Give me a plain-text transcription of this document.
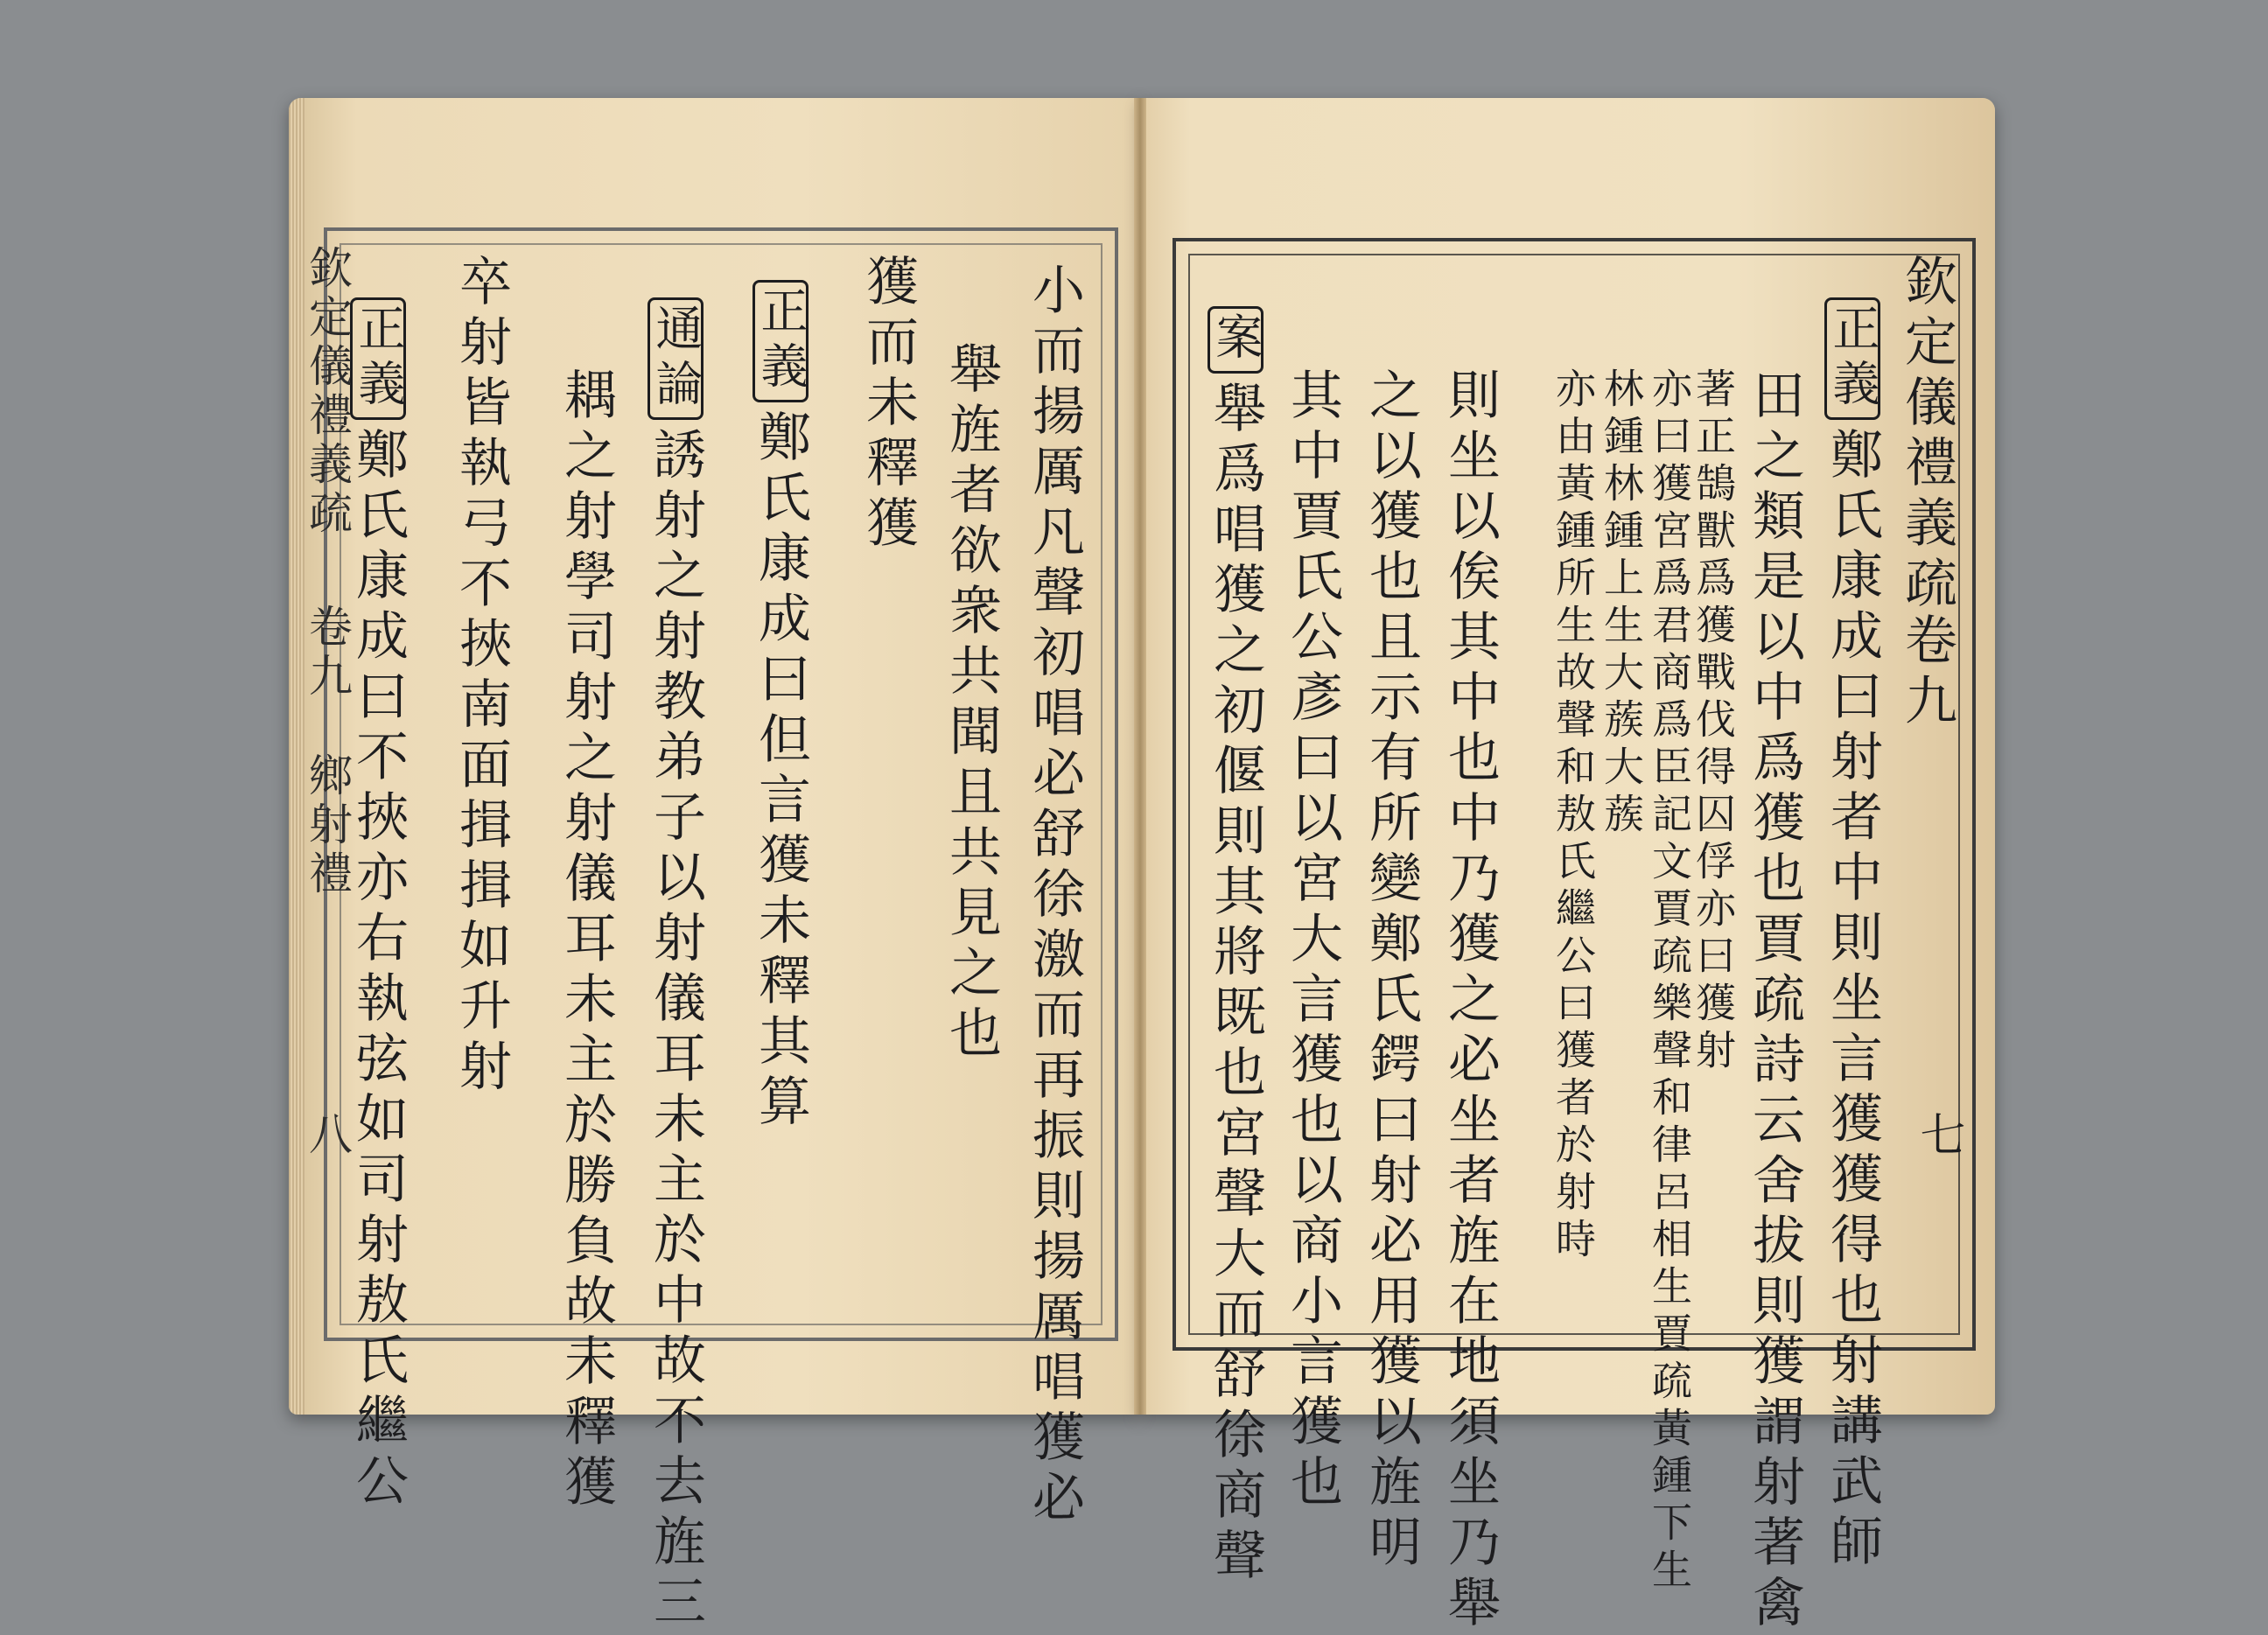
欽定儀禮義疏
卷九
七
正義鄭氏康成曰射者中則坐言獲獲得也射講武師
田之類是以中爲獲也賈疏詩云舍拔則獲謂射著禽
著正鵠獸爲獲戰伐得囚俘亦曰獲射
亦曰獲宮爲君商爲臣記文賈疏樂聲和律呂相生賈疏黃鍾下生
林鍾林鍾上生大蔟大蔟
亦由黃鍾所生故聲和敖氏繼公曰獲者於射時
則坐以俟其中也中乃獲之必坐者旌在地須坐乃舉
之以獲也且示有所變鄭氏鍔曰射必用獲以旌明
其中賈氏公彥曰以宮大言獲也以商小言獲也
案舉爲唱獲之初偃則其將既也宮聲大而舒徐商聲
小而揚厲凡聲初唱必舒徐激而再振則揚厲唱獲必
舉旌者欲衆共聞且共見之也
獲而未釋獲
正義鄭氏康成曰但言獲未釋其算
通論誘射之射教弟子以射儀耳未主於中故不去旌三
耦之射學司射之射儀耳未主於勝負故未釋獲
卒射皆執弓不挾南面揖揖如升射
正義鄭氏康成曰不挾亦右執弦如司射敖氏繼公
欽定儀禮義疏
卷九
鄉射禮
八
